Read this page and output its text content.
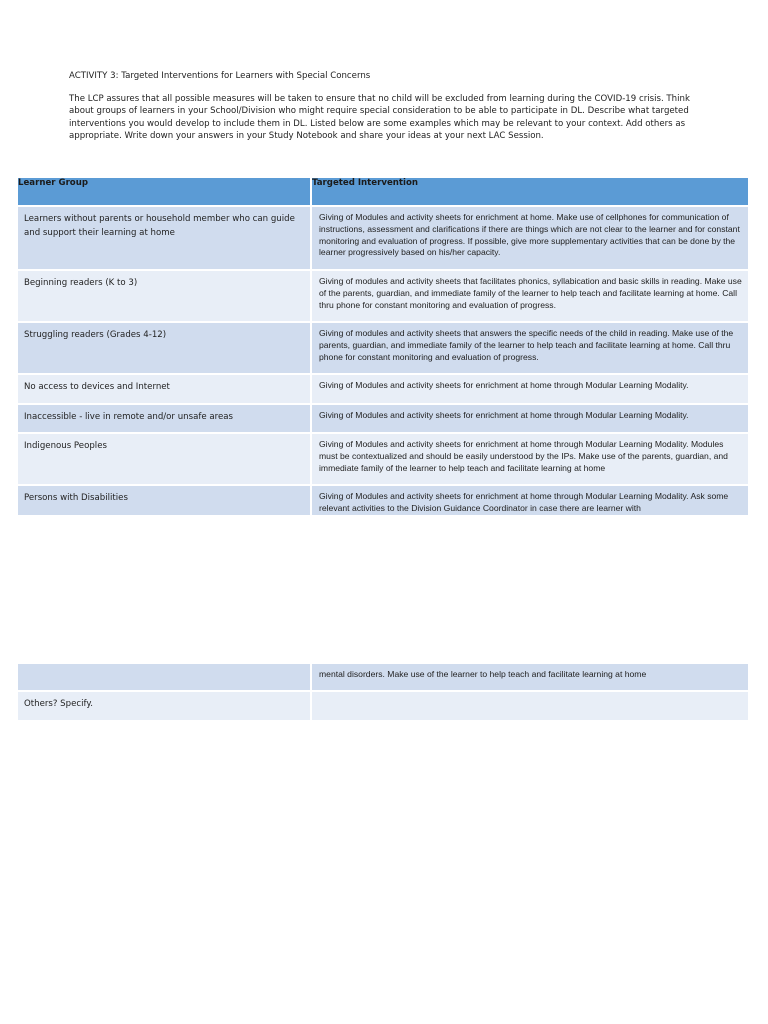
ACTIVITY 3: Targeted Interventions for Learners with Special Concerns

The LCP assures that all possible measures will be taken to ensure that no child will be excluded from learning during the COVID-19 crisis. Think about groups of learners in your School/Division who might require special consideration to be able to participate in DL. Describe what targeted interventions you would develop to include them in DL. Listed below are some examples which may be relevant to your context. Add others as appropriate. Write down your answers in your Study Notebook and share your ideas at your next LAC Session.

Learner Group	Targeted Intervention
Learners without parents or household member who can guide and support their learning at home	Giving of Modules and activity sheets for enrichment at home. Make use of cellphones for communication of instructions, assessment and clarifications if there are things which are not clear to the learner and for constant monitoring and evaluation of progress. If possible, give more supplementary activities that can be done by the learner progressively based on his/her capacity.
Beginning readers (K to 3)	Giving of modules and activity sheets that facilitates phonics, syllabication and basic skills in reading. Make use of the parents, guardian, and immediate family of the learner to help teach and facilitate learning at home. Call thru phone for constant monitoring and evaluation of progress.
Struggling readers (Grades 4-12)	Giving of modules and activity sheets that answers the specific needs of the child in reading. Make use of the parents, guardian, and immediate family of the learner to help teach and facilitate learning at home. Call thru phone for constant monitoring and evaluation of progress.
No access to devices and Internet	Giving of Modules and activity sheets for enrichment at home through Modular Learning Modality.
Inaccessible - live in remote and/or unsafe areas	Giving of Modules and activity sheets for enrichment at home through Modular Learning Modality.
Indigenous Peoples	Giving of Modules and activity sheets for enrichment at home through Modular Learning Modality. Modules must be contextualized and should be easily understood by the IPs. Make use of the parents, guardian, and immediate family of the learner to help teach and facilitate learning at home
Persons with Disabilities	Giving of Modules and activity sheets for enrichment at home through Modular Learning Modality. Ask some relevant activities to the Division Guidance Coordinator in case there are learner with
	mental disorders. Make use of the learner to help teach and facilitate learning at home
Others? Specify.	
